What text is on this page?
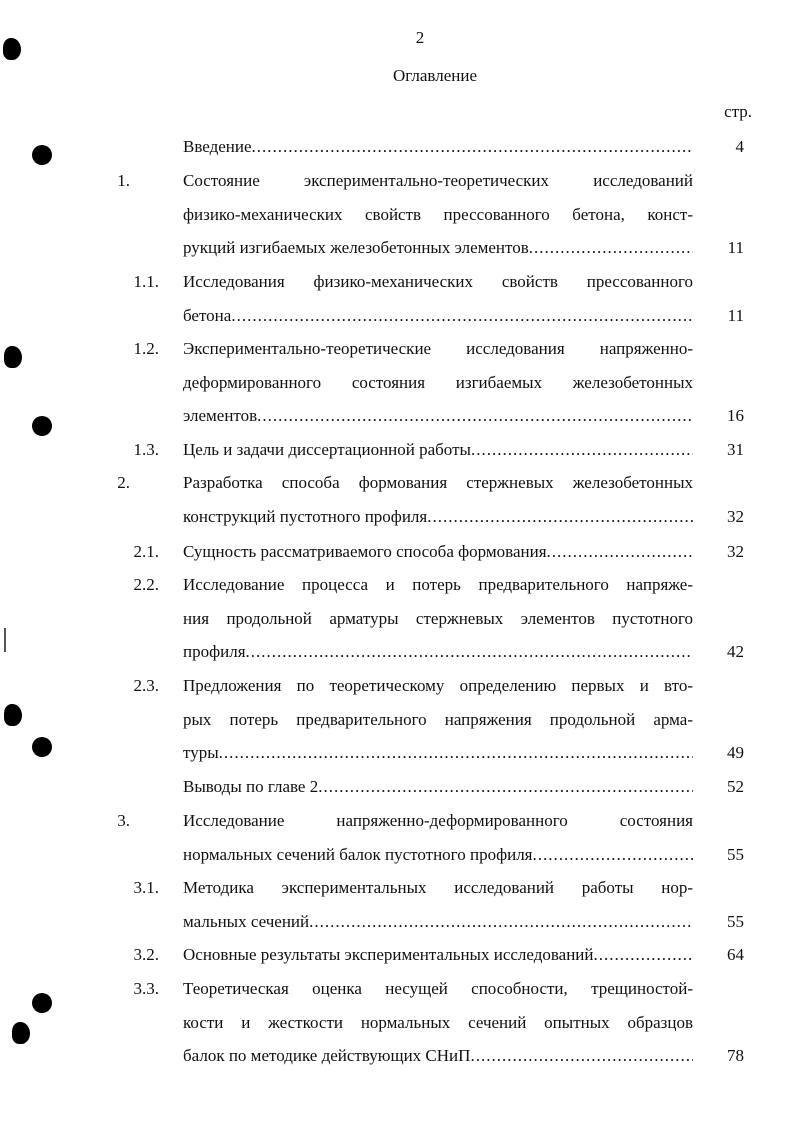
2
Оглавление
стр.
Введение .....	4
1.	Состояние экспериментально-теоретических исследований
физико-механических свойств прессованного бетона, конст-
рукций изгибаемых железобетонных элементов .....	11
1.1. Исследования физико-механических свойств прессованного
бетона .....	11
1.2. Экспериментально-теоретические исследования напряженно-
деформированного состояния изгибаемых железобетонных
элементов .....	16
1.3. Цель и задачи диссертационной работы .....	31
2.	Разработка способа формования стержневых железобетонных
конструкций пустотного профиля .....	32
2.1. Сущность рассматриваемого способа формования .....	32
2.2. Исследование процесса и потерь предварительного напряже-
ния продольной арматуры стержневых элементов пустотного
профиля .....	42
2.3. Предложения по теоретическому определению первых и вто-
рых потерь предварительного напряжения продольной арма-
туры .....	49
Выводы по главе 2 .....	52
3.	Исследование напряженно-деформированного состояния
нормальных сечений балок пустотного профиля .....	55
3.1. Методика экспериментальных исследований работы нор-
мальных сечений .....	55
3.2. Основные результаты экспериментальных исследований .....	64
3.3. Теоретическая оценка несущей способности, трещиностой-
кости и жесткости нормальных сечений опытных образцов
балок по методике действующих СНиП .....	78
